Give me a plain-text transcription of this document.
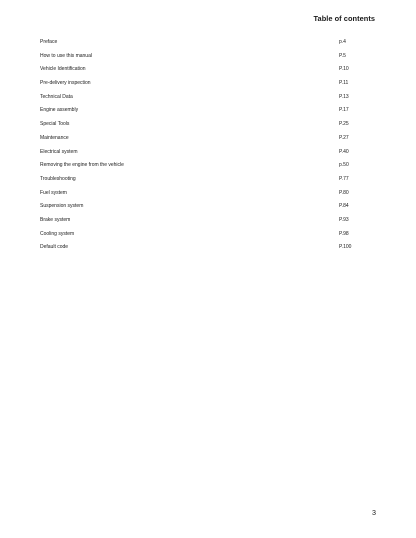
Table of contents
Preface	p.4
How to use this manual	P.5
Vehicle Identification	P.10
Pre-delivery inspection	P.11
Technical Data	P.13
Engine assembly	P.17
Special Tools	P.25
Maintenance	P.27
Electrical system	P.40
Removing the engine from the vehicle	p.50
Troubleshooting	P.77
Fuel system	P.80
Suspension system	P.84
Brake system	P.93
Cooling system	P.98
Default code	P.100
3
